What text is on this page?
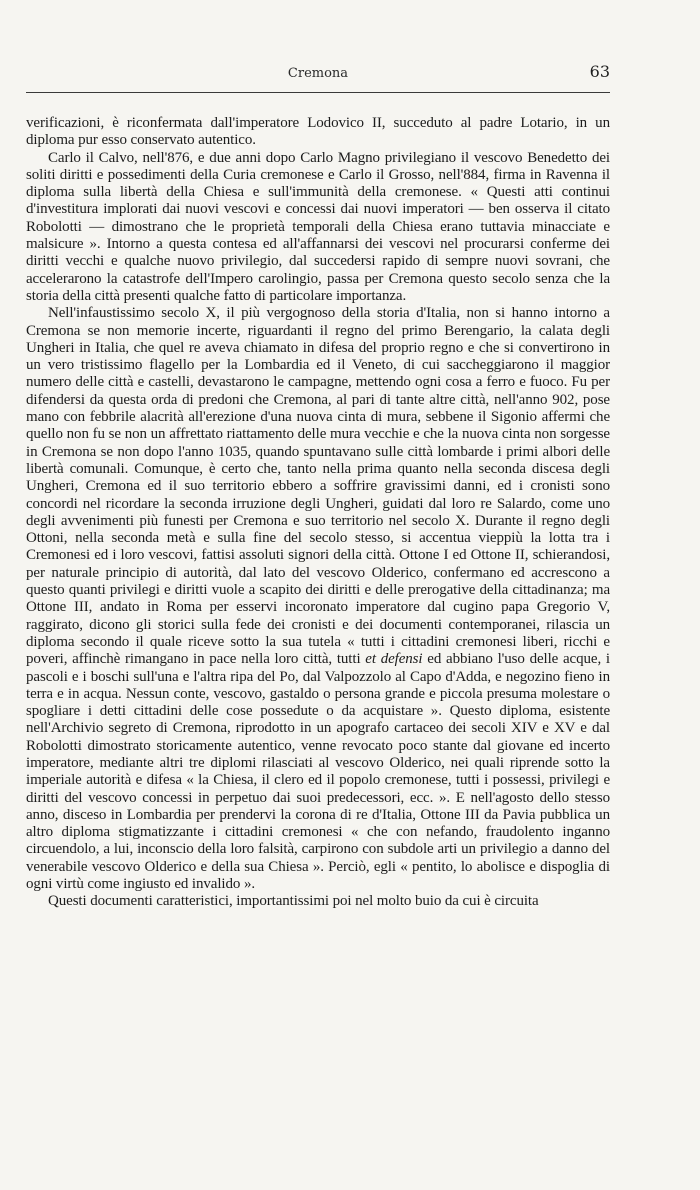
Cremona	63

verificazioni, è riconfermata dall'imperatore Lodovico II, succeduto al padre Lotario, in un diploma pur esso conservato autentico.

Carlo il Calvo, nell'876, e due anni dopo Carlo Magno privilegiano il vescovo Benedetto dei soliti diritti e possedimenti della Curia cremonese e Carlo il Grosso, nell'884, firma in Ravenna il diploma sulla libertà della Chiesa e sull'immunità della cremonese. « Questi atti continui d'investitura implorati dai nuovi vescovi e concessi dai nuovi imperatori — ben osserva il citato Robolotti — dimostrano che le proprietà temporali della Chiesa erano tuttavia minacciate e malsicure ». Intorno a questa contesa ed all'affannarsi dei vescovi nel procurarsi conferme dei diritti vecchi e qualche nuovo privilegio, dal succedersi rapido di sempre nuovi sovrani, che accelerarono la catastrofe dell'Impero carolingio, passa per Cremona questo secolo senza che la storia della città presenti qualche fatto di particolare importanza.

Nell'infaustissimo secolo X, il più vergognoso della storia d'Italia, non si hanno intorno a Cremona se non memorie incerte, riguardanti il regno del primo Berengario, la calata degli Ungheri in Italia, che quel re aveva chiamato in difesa del proprio regno e che si convertirono in un vero tristissimo flagello per la Lombardia ed il Veneto, di cui saccheggiarono il maggior numero delle città e castelli, devastarono le campagne, mettendo ogni cosa a ferro e fuoco. Fu per difendersi da questa orda di predoni che Cremona, al pari di tante altre città, nell'anno 902, pose mano con febbrile alacrità all'erezione d'una nuova cinta di mura, sebbene il Sigonio affermi che quello non fu se non un affrettato riattamento delle mura vecchie e che la nuova cinta non sorgesse in Cremona se non dopo l'anno 1035, quando spuntavano sulle città lombarde i primi albori delle libertà comunali. Comunque, è certo che, tanto nella prima quanto nella seconda discesa degli Ungheri, Cremona ed il suo territorio ebbero a soffrire gravissimi danni, ed i cronisti sono concordi nel ricordare la seconda irruzione degli Ungheri, guidati dal loro re Salardo, come uno degli avvenimenti più funesti per Cremona e suo territorio nel secolo X. Durante il regno degli Ottoni, nella seconda metà e sulla fine del secolo stesso, si accentua vieppiù la lotta tra i Cremonesi ed i loro vescovi, fattisi assoluti signori della città. Ottone I ed Ottone II, schierandosi, per naturale principio di autorità, dal lato del vescovo Olderico, confermano ed accrescono a questo quanti privilegi e diritti vuole a scapito dei diritti e delle prerogative della cittadinanza; ma Ottone III, andato in Roma per esservi incoronato imperatore dal cugino papa Gregorio V, raggirato, dicono gli storici sulla fede dei cronisti e dei documenti contemporanei, rilascia un diploma secondo il quale riceve sotto la sua tutela « tutti i cittadini cremonesi liberi, ricchi e poveri, affinchè rimangano in pace nella loro città, tutti et defensi ed abbiano l'uso delle acque, i pascoli e i boschi sull'una e l'altra ripa del Po, dal Valpozzolo al Capo d'Adda, e negozino fieno in terra e in acqua. Nessun conte, vescovo, gastaldo o persona grande e piccola presuma molestare o spogliare i detti cittadini delle cose possedute o da acquistare ». Questo diploma, esistente nell'Archivio segreto di Cremona, riprodotto in un apografo cartaceo dei secoli XIV e XV e dal Robolotti dimostrato storicamente autentico, venne revocato poco stante dal giovane ed incerto imperatore, mediante altri tre diplomi rilasciati al vescovo Olderico, nei quali riprende sotto la imperiale autorità e difesa « la Chiesa, il clero ed il popolo cremonese, tutti i possessi, privilegi e diritti del vescovo concessi in perpetuo dai suoi predecessori, ecc. ». E nell'agosto dello stesso anno, disceso in Lombardia per prendervi la corona di re d'Italia, Ottone III da Pavia pubblica un altro diploma stigmatizzante i cittadini cremonesi « che con nefando, fraudolento inganno circuendolo, a lui, inconscio della loro falsità, carpirono con subdole arti un privilegio a danno del venerabile vescovo Olderico e della sua Chiesa ». Perciò, egli « pentito, lo abolisce e dispoglia di ogni virtù come ingiusto ed invalido ».

Questi documenti caratteristici, importantissimi poi nel molto buio da cui è circuita
